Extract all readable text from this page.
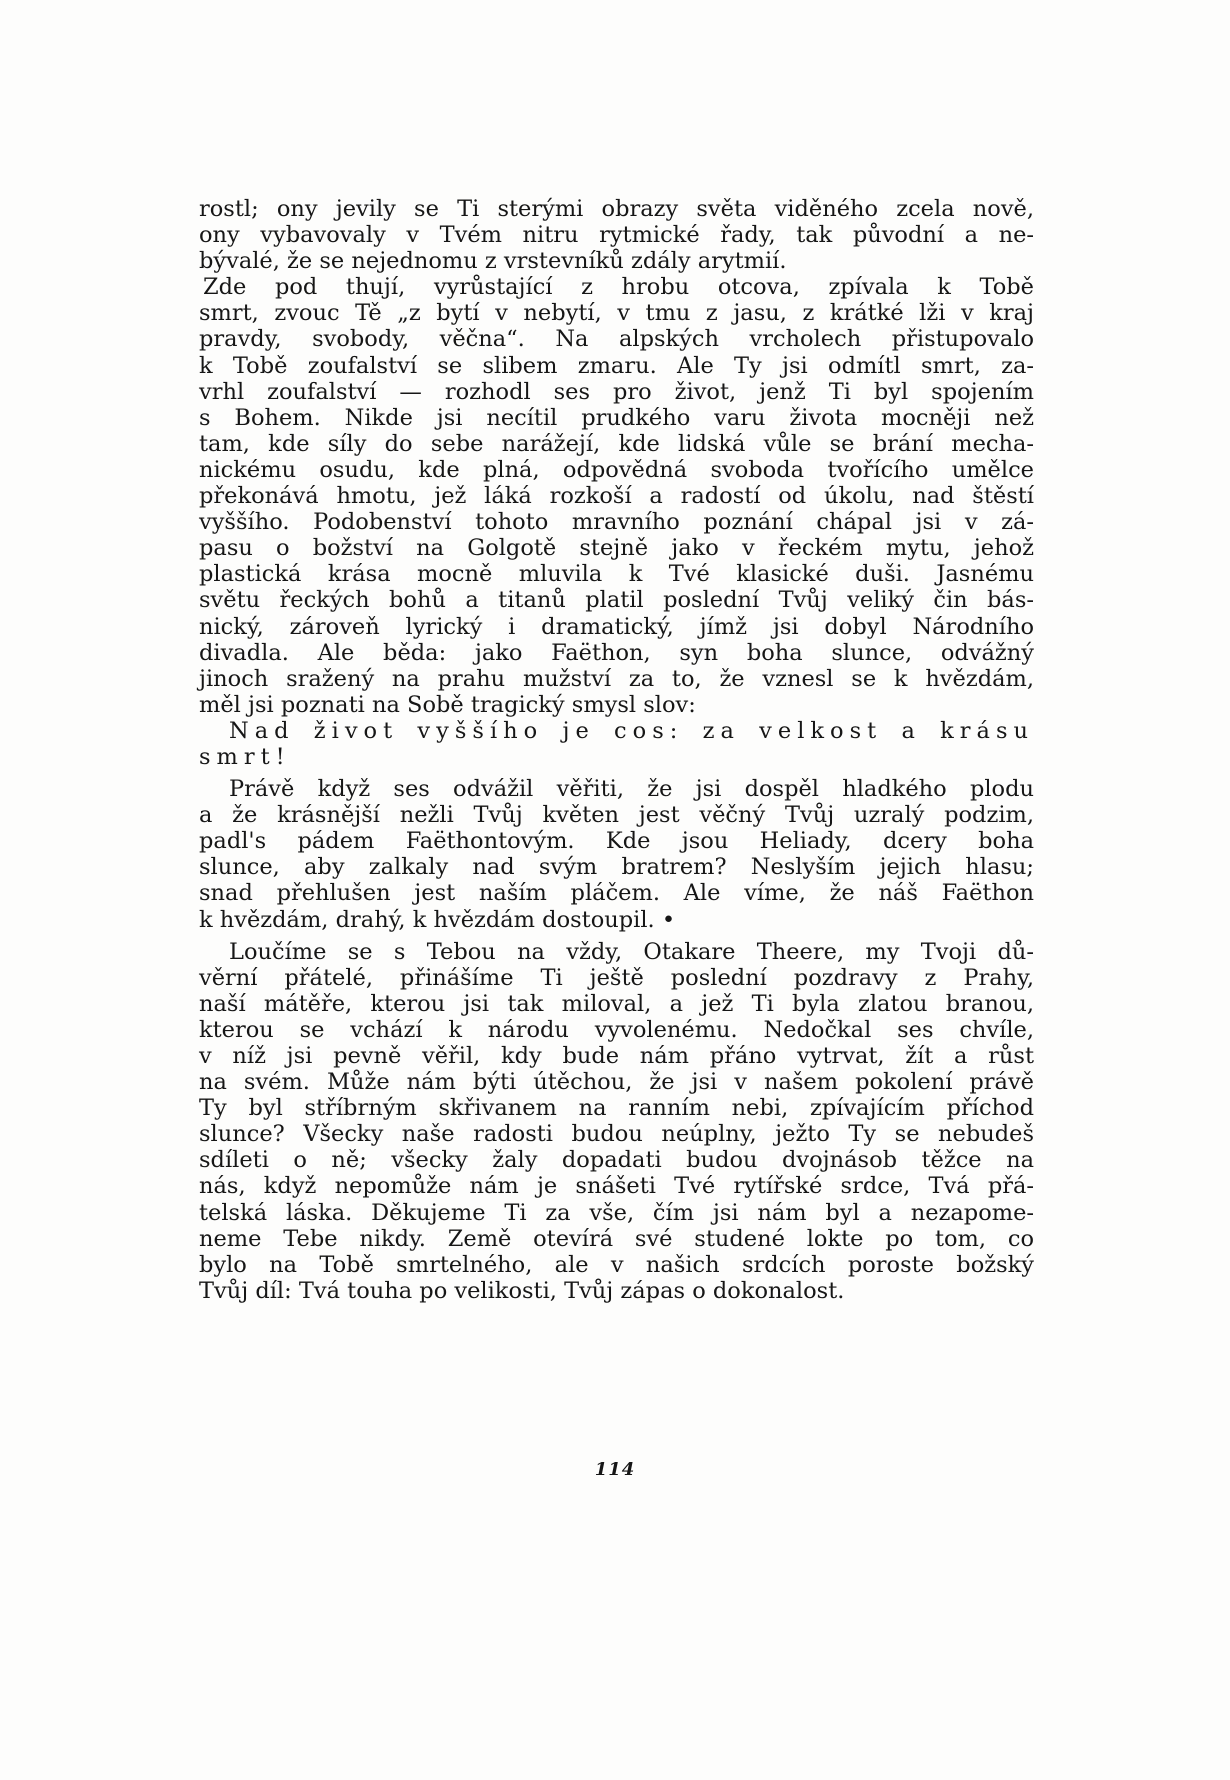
rostl; ony jevily se Ti sterými obrazy světa viděného zcela nově,
ony vybavovaly v Tvém nitru rytmické řady, tak původní a ne-
bývalé, že se nejednomu z vrstevníků zdály arytmií.
Zde pod thují, vyrůstající z hrobu otcova, zpívala k Tobě
smrt, zvouc Tě „z bytí v nebytí, v tmu z jasu, z krátké lži v kraj
pravdy, svobody, věčna“. Na alpských vrcholech přistupovalo
k Tobě zoufalství se slibem zmaru. Ale Ty jsi odmítl smrt, za-
vrhl zoufalství — rozhodl ses pro život, jenž Ti byl spojením
s Bohem. Nikde jsi necítil prudkého varu života mocněji než
tam, kde síly do sebe narážejí, kde lidská vůle se brání mecha-
nickému osudu, kde plná, odpovědná svoboda tvořícího umělce
překonává hmotu, jež láká rozkoší a radostí od úkolu, nad štěstí
vyššího. Podobenství tohoto mravního poznání chápal jsi v zá-
pasu o božství na Golgotě stejně jako v řeckém mytu, jehož
plastická krása mocně mluvila k Tvé klasické duši. Jasnému
světu řeckých bohů a titanů platil poslední Tvůj veliký čin bás-
nický, zároveň lyrický i dramatický, jímž jsi dobyl Národního
divadla. Ale běda: jako Faëthon, syn boha slunce, odvážný
jinoch sražený na prahu mužství za to, že vznesl se k hvězdám,
měl jsi poznati na Sobě tragický smysl slov:
Nad život vyššího je cos: za velkost a krásu
smrt!
Právě když ses odvážil věřiti, že jsi dospěl hladkého plodu
a že krásnější nežli Tvůj květen jest věčný Tvůj uzralý podzim,
padl's pádem Faëthontovým. Kde jsou Heliady, dcery boha
slunce, aby zalkaly nad svým bratrem? Neslyším jejich hlasu;
snad přehlušen jest naším pláčem. Ale víme, že náš Faëthon
k hvězdám, drahý, k hvězdám dostoupil. •
Loučíme se s Tebou na vždy, Otakare Theere, my Tvoji dů-
věrní přátelé, přinášíme Ti ještě poslední pozdravy z Prahy,
naší mátěře, kterou jsi tak miloval, a jež Ti byla zlatou branou,
kterou se vchází k národu vyvolenému. Nedočkal ses chvíle,
v níž jsi pevně věřil, kdy bude nám přáno vytrvat, žít a růst
na svém. Může nám býti útěchou, že jsi v našem pokolení právě
Ty byl stříbrným skřivanem na ranním nebi, zpívajícím příchod
slunce? Všecky naše radosti budou neúplny, ježto Ty se nebudeš
sdíleti o ně; všecky žaly dopadati budou dvojnásob těžce na
nás, když nepomůže nám je snášeti Tvé rytířské srdce, Tvá přá-
telská láska. Děkujeme Ti za vše, čím jsi nám byl a nezapome-
neme Tebe nikdy. Země otevírá své studené lokte po tom, co
bylo na Tobě smrtelného, ale v našich srdcích poroste božský
Tvůj díl: Tvá touha po velikosti, Tvůj zápas o dokonalost.
114
